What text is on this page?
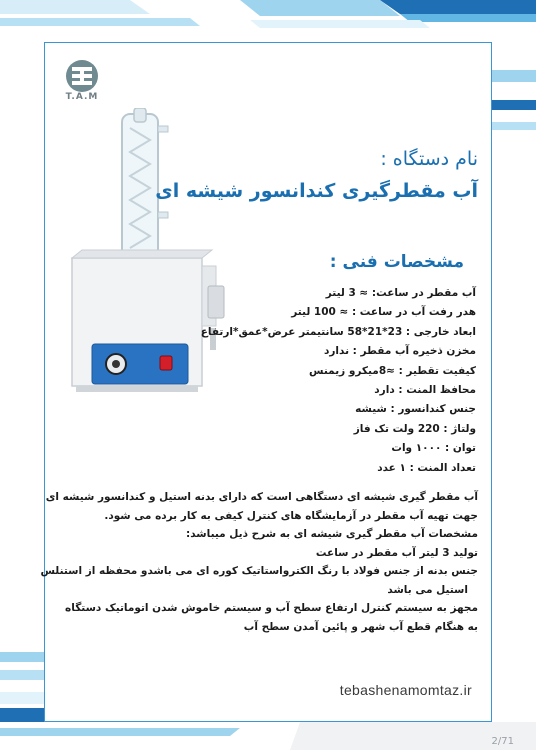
T.A.M
نام دستگاه :
آب مقطرگیری کندانسور شیشه ای
مشخصات فنی :
آب مقطر در ساعت: ≈ 3 لیتر
هدر رفت آب در ساعت : ≈ 100 لیتر
ابعاد خارجی : 23*21*58 سانتیمتر عرض*عمق*ارتفاع
مخزن ذخیره آب مقطر : ندارد
کیفیت تقطیر : ≈8میکرو زیمنس
محافظ المنت : دارد
جنس کندانسور : شیشه
ولتاژ : 220 ولت تک فاز
توان : ۱۰۰۰ وات
تعداد المنت : ۱ عدد
آب مقطر گیری شیشه ای دستگاهی است که دارای بدنه استیل و کندانسور شیشه ای
جهت تهیه آب مقطر در آزمایشگاه های کنترل کیفی به کار برده می شود.
مشخصات آب مقطر گیری شیشه ای به شرح ذیل میباشد:
تولید 3 لیتر آب مقطر در ساعت
جنس بدنه از جنس فولاد با رنگ الکترواستاتیک کوره ای می باشدو محفظه از استنلس
استیل می باشد
مجهز به سیستم کنترل ارتفاع سطح آب و سیستم خاموش شدن اتوماتیک دستگاه
به هنگام قطع آب شهر و پائین آمدن سطح آب
tebashenamomtaz.ir
2/71
